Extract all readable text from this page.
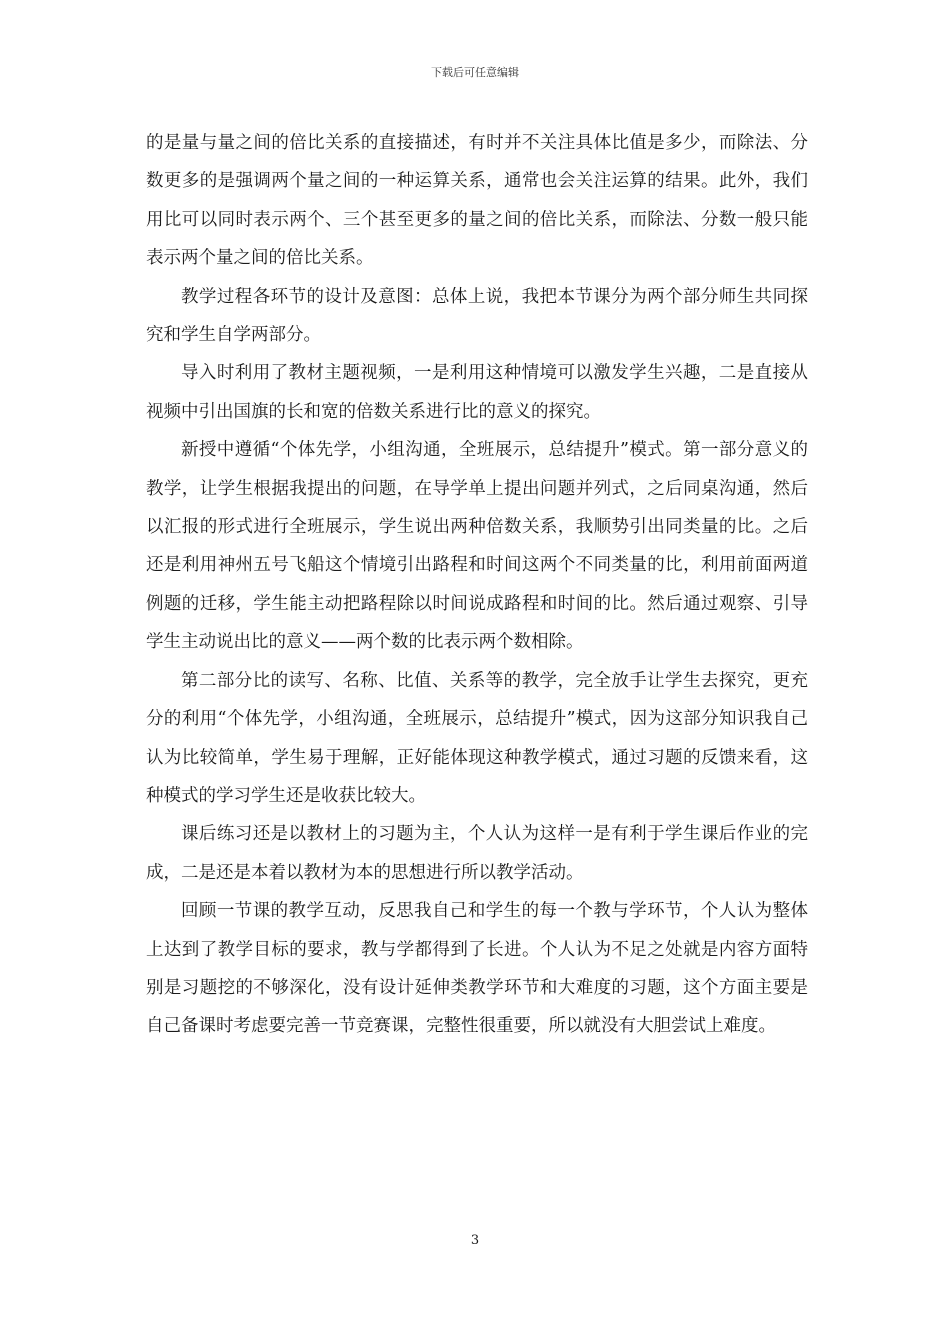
下载后可任意编辑

的是量与量之间的倍比关系的直接描述，有时并不关注具体比值是多少，而除法、分数更多的是强调两个量之间的一种运算关系，通常也会关注运算的结果。此外，我们用比可以同时表示两个、三个甚至更多的量之间的倍比关系，而除法、分数一般只能表示两个量之间的倍比关系。

教学过程各环节的设计及意图：总体上说，我把本节课分为两个部分师生共同探究和学生自学两部分。

导入时利用了教材主题视频，一是利用这种情境可以激发学生兴趣，二是直接从视频中引出国旗的长和宽的倍数关系进行比的意义的探究。

新授中遵循“个体先学，小组沟通，全班展示，总结提升”模式。第一部分意义的教学，让学生根据我提出的问题，在导学单上提出问题并列式，之后同桌沟通，然后以汇报的形式进行全班展示，学生说出两种倍数关系，我顺势引出同类量的比。之后还是利用神州五号飞船这个情境引出路程和时间这两个不同类量的比，利用前面两道例题的迁移，学生能主动把路程除以时间说成路程和时间的比。然后通过观察、引导学生主动说出比的意义——两个数的比表示两个数相除。

第二部分比的读写、名称、比值、关系等的教学，完全放手让学生去探究，更充分的利用“个体先学，小组沟通，全班展示，总结提升”模式，因为这部分知识我自己认为比较简单，学生易于理解，正好能体现这种教学模式，通过习题的反馈来看，这种模式的学习学生还是收获比较大。

课后练习还是以教材上的习题为主，个人认为这样一是有利于学生课后作业的完成，二是还是本着以教材为本的思想进行所以教学活动。

回顾一节课的教学互动，反思我自己和学生的每一个教与学环节，个人认为整体上达到了教学目标的要求，教与学都得到了长进。个人认为不足之处就是内容方面特别是习题挖的不够深化，没有设计延伸类教学环节和大难度的习题，这个方面主要是自己备课时考虑要完善一节竞赛课，完整性很重要，所以就没有大胆尝试上难度。

3
